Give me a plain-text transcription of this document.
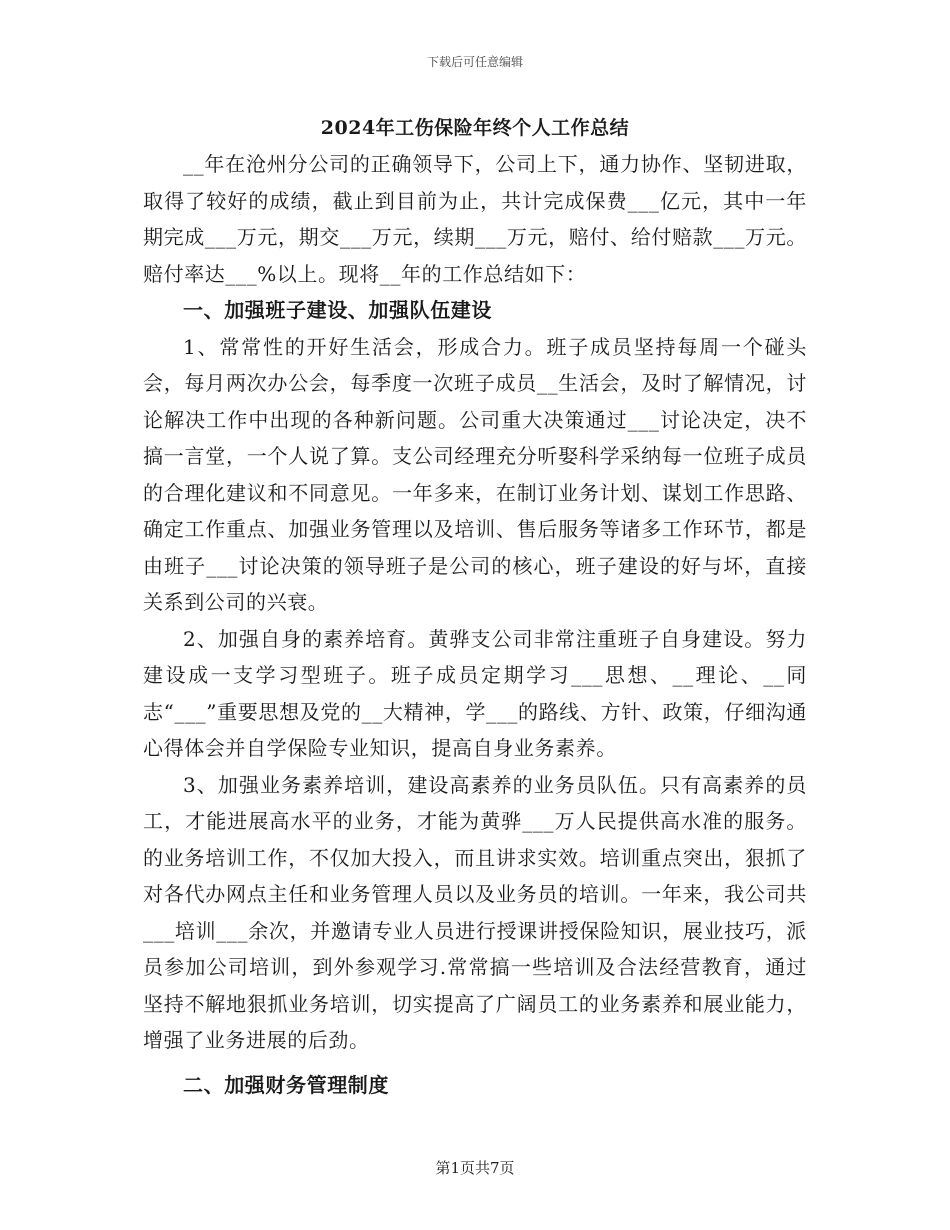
下载后可任意编辑
2024年工伤保险年终个人工作总结

__年在沧州分公司的正确领导下，公司上下，通力协作、坚韧进取，取得了较好的成绩，截止到目前为止，共计完成保费___亿元，其中一年期完成___万元，期交___万元，续期___万元，赔付、给付赔款___万元。赔付率达___%以上。现将__年的工作总结如下：

一、加强班子建设、加强队伍建设

1、常常性的开好生活会，形成合力。班子成员坚持每周一个碰头会，每月两次办公会，每季度一次班子成员__生活会，及时了解情况，讨论解决工作中出现的各种新问题。公司重大决策通过___讨论决定，决不搞一言堂，一个人说了算。支公司经理充分听娶科学采纳每一位班子成员的合理化建议和不同意见。一年多来，在制订业务计划、谋划工作思路、确定工作重点、加强业务管理以及培训、售后服务等诸多工作环节，都是由班子___讨论决策的领导班子是公司的核心，班子建设的好与坏，直接关系到公司的兴衰。

2、加强自身的素养培育。黄骅支公司非常注重班子自身建设。努力建设成一支学习型班子。班子成员定期学习___思想、__理论、__同志“___”重要思想及党的__大精神，学___的路线、方针、政策，仔细沟通心得体会并自学保险专业知识，提高自身业务素养。

3、加强业务素养培训，建设高素养的业务员队伍。只有高素养的员工，才能进展高水平的业务，才能为黄骅___万人民提供高水准的服务。的业务培训工作，不仅加大投入，而且讲求实效。培训重点突出，狠抓了对各代办网点主任和业务管理人员以及业务员的培训。一年来，我公司共___培训___余次，并邀请专业人员进行授课讲授保险知识，展业技巧，派员参加公司培训，到外参观学习.常常搞一些培训及合法经营教育，通过坚持不解地狠抓业务培训，切实提高了广阔员工的业务素养和展业能力，增强了业务进展的后劲。

二、加强财务管理制度

第1页共7页
